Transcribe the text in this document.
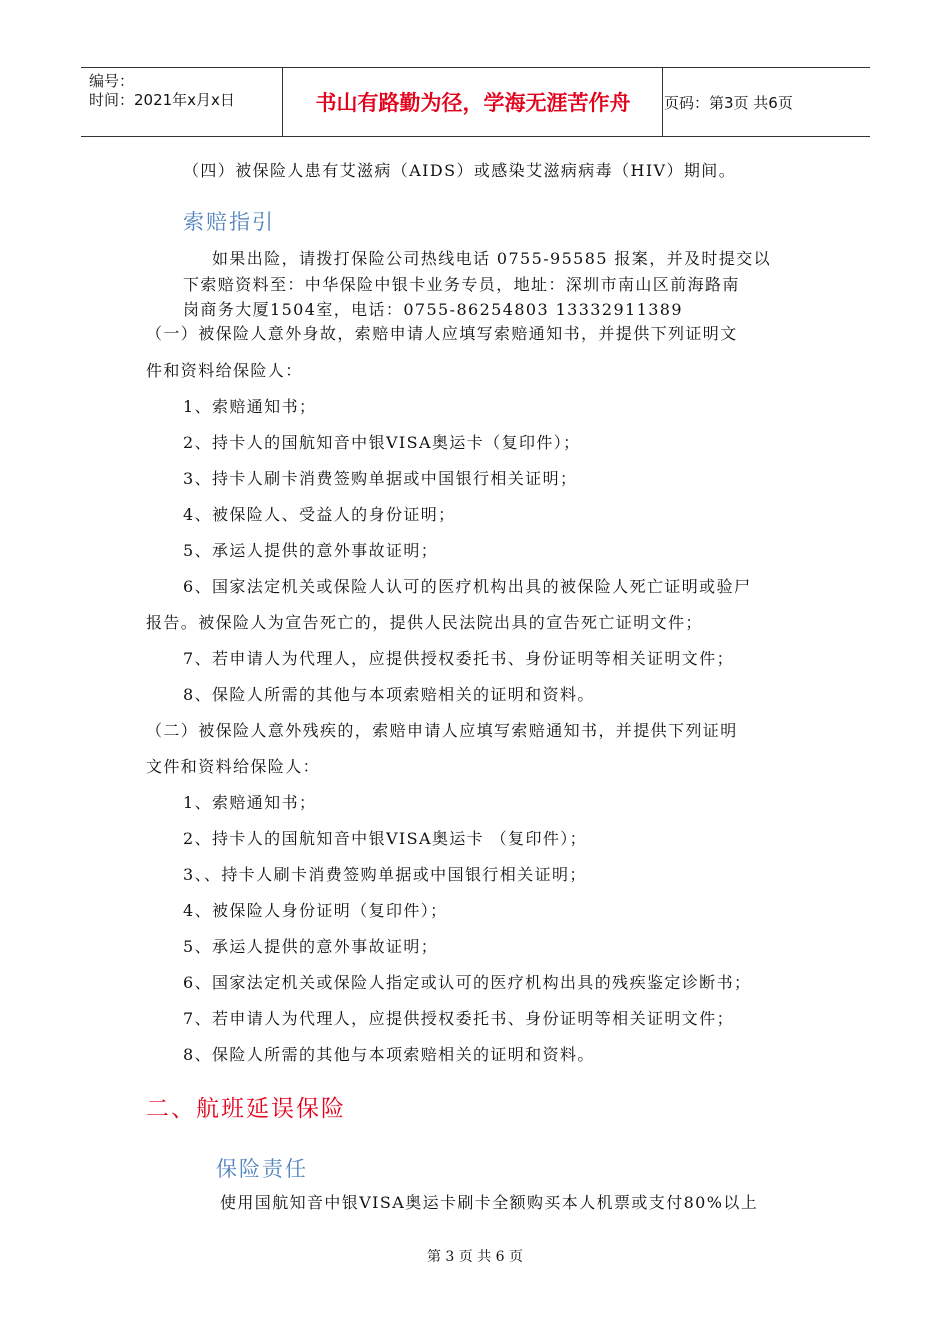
编号：
时间：2021年x月x日	书山有路勤为径，学海无涯苦作舟	页码：第3页 共6页
（四）被保险人患有艾滋病（AIDS）或感染艾滋病病毒（HIV）期间。
索赔指引
如果出险，请拨打保险公司热线电话 0755-95585 报案，并及时提交以
下索赔资料至：中华保险中银卡业务专员，地址：深圳市南山区前海路南
岗商务大厦1504室，电话：0755-86254803 13332911389
（一）被保险人意外身故，索赔申请人应填写索赔通知书，并提供下列证明文
件和资料给保险人：
1、索赔通知书；
2、持卡人的国航知音中银VISA奥运卡（复印件）；
3、持卡人刷卡消费签购单据或中国银行相关证明；
4、被保险人、受益人的身份证明；
5、承运人提供的意外事故证明；
6、国家法定机关或保险人认可的医疗机构出具的被保险人死亡证明或验尸
报告。被保险人为宣告死亡的，提供人民法院出具的宣告死亡证明文件；
7、若申请人为代理人，应提供授权委托书、身份证明等相关证明文件；
8、保险人所需的其他与本项索赔相关的证明和资料。
（二）被保险人意外残疾的，索赔申请人应填写索赔通知书，并提供下列证明
文件和资料给保险人：
1、索赔通知书；
2、持卡人的国航知音中银VISA奥运卡 （复印件）；
3、、持卡人刷卡消费签购单据或中国银行相关证明；
4、被保险人身份证明（复印件）；
5、承运人提供的意外事故证明；
6、国家法定机关或保险人指定或认可的医疗机构出具的残疾鉴定诊断书；
7、若申请人为代理人，应提供授权委托书、身份证明等相关证明文件；
8、保险人所需的其他与本项索赔相关的证明和资料。
二、航班延误保险
保险责任
使用国航知音中银VISA奥运卡刷卡全额购买本人机票或支付80%以上
第 3 页 共 6 页
